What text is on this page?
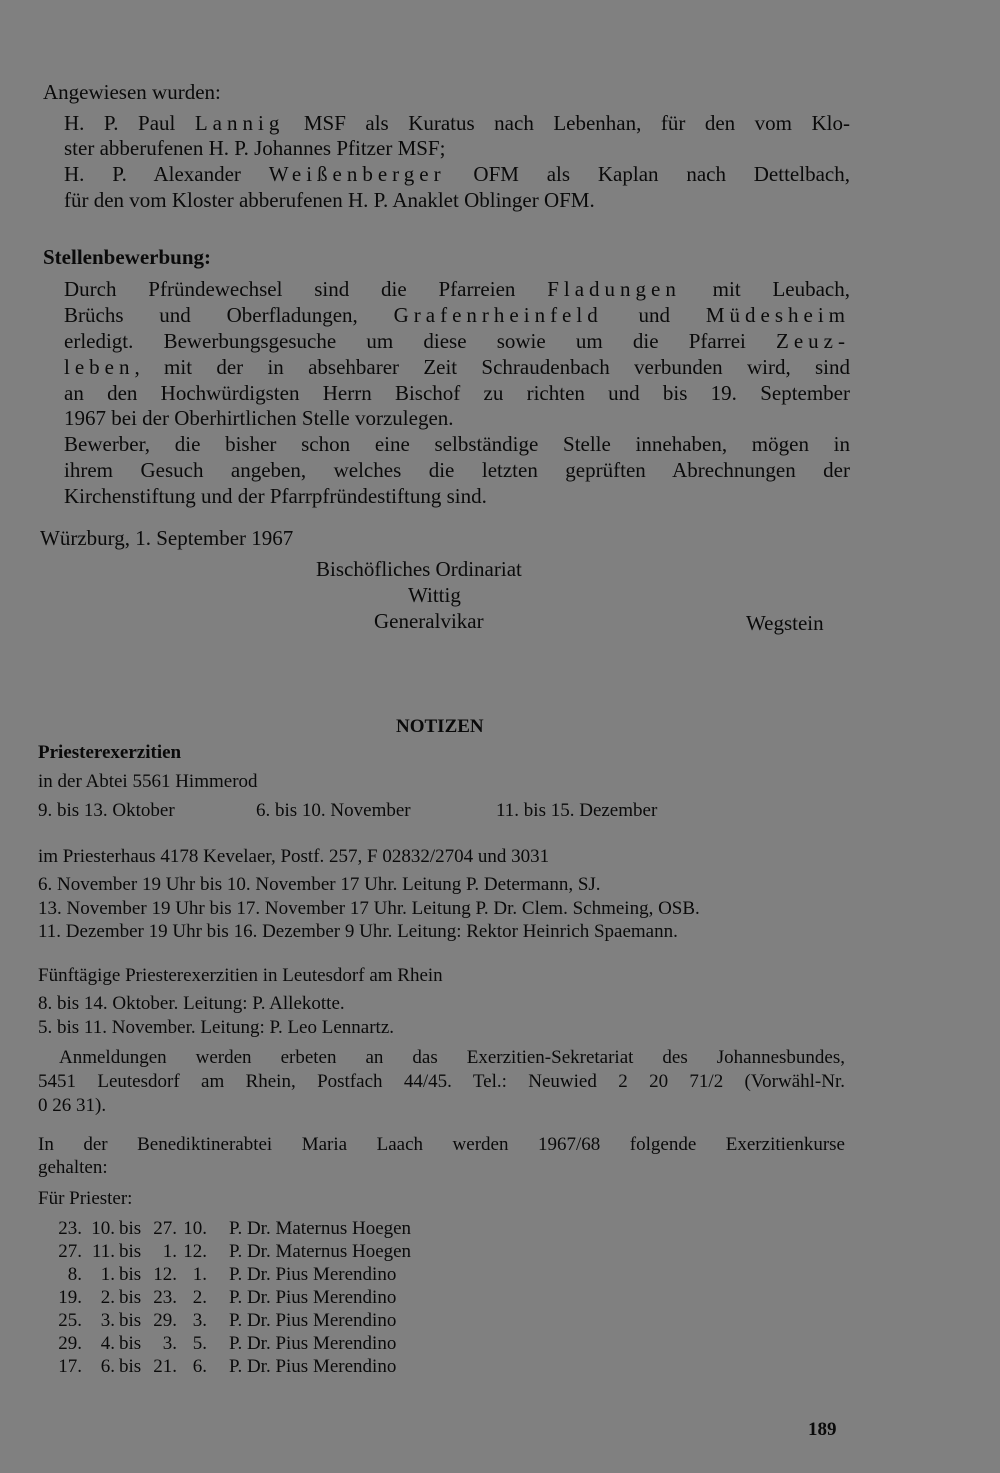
Angewiesen wurden:
H. P. Paul Lannig MSF als Kuratus nach Lebenhan, für den vom Klo-
ster abberufenen H. P. Johannes Pfitzer MSF;
H. P. Alexander Weißenberger OFM als Kaplan nach Dettelbach,
für den vom Kloster abberufenen H. P. Anaklet Oblinger OFM.
Stellenbewerbung:
Durch Pfründewechsel sind die Pfarreien Fladungen mit Leubach,
Brüchs und Oberfladungen, Grafenrheinfeld und Müdesheim
erledigt. Bewerbungsgesuche um diese sowie um die Pfarrei Zeuz-
leben, mit der in absehbarer Zeit Schraudenbach verbunden wird, sind
an den Hochwürdigsten Herrn Bischof zu richten und bis 19. September
1967 bei der Oberhirtlichen Stelle vorzulegen.
Bewerber, die bisher schon eine selbständige Stelle innehaben, mögen in
ihrem Gesuch angeben, welches die letzten geprüften Abrechnungen der
Kirchenstiftung und der Pfarrpfründestiftung sind.
Würzburg, 1. September 1967
Bischöfliches Ordinariat
Wittig
Generalvikar	Wegstein
NOTIZEN
Priesterexerzitien
in der Abtei 5561 Himmerod
9. bis 13. Oktober	6. bis 10. November	11. bis 15. Dezember
im Priesterhaus 4178 Kevelaer, Postf. 257, F 02832/2704 und 3031
6. November 19 Uhr bis 10. November 17 Uhr. Leitung P. Determann, SJ.
13. November 19 Uhr bis 17. November 17 Uhr. Leitung P. Dr. Clem. Schmeing, OSB.
11. Dezember 19 Uhr bis 16. Dezember 9 Uhr. Leitung: Rektor Heinrich Spaemann.
Fünftägige Priesterexerzitien in Leutesdorf am Rhein
8. bis 14. Oktober. Leitung: P. Allekotte.
5. bis 11. November. Leitung: P. Leo Lennartz.
Anmeldungen werden erbeten an das Exerzitien-Sekretariat des Johannesbundes,
5451 Leutesdorf am Rhein, Postfach 44/45. Tel.: Neuwied 2 20 71/2 (Vorwähl-Nr.
0 26 31).
In der Benediktinerabtei Maria Laach werden 1967/68 folgende Exerzitienkurse
gehalten:
Für Priester:
23. 10. bis 27. 10. P. Dr. Maternus Hoegen
27. 11. bis	1. 12. P. Dr. Maternus Hoegen
8. 1. bis 12. 1. P. Dr. Pius Merendino
19. 2. bis 23. 2. P. Dr. Pius Merendino
25. 3. bis 29. 3. P. Dr. Pius Merendino
29. 4. bis	3. 5. P. Dr. Pius Merendino
17. 6. bis 21. 6. P. Dr. Pius Merendino
189
